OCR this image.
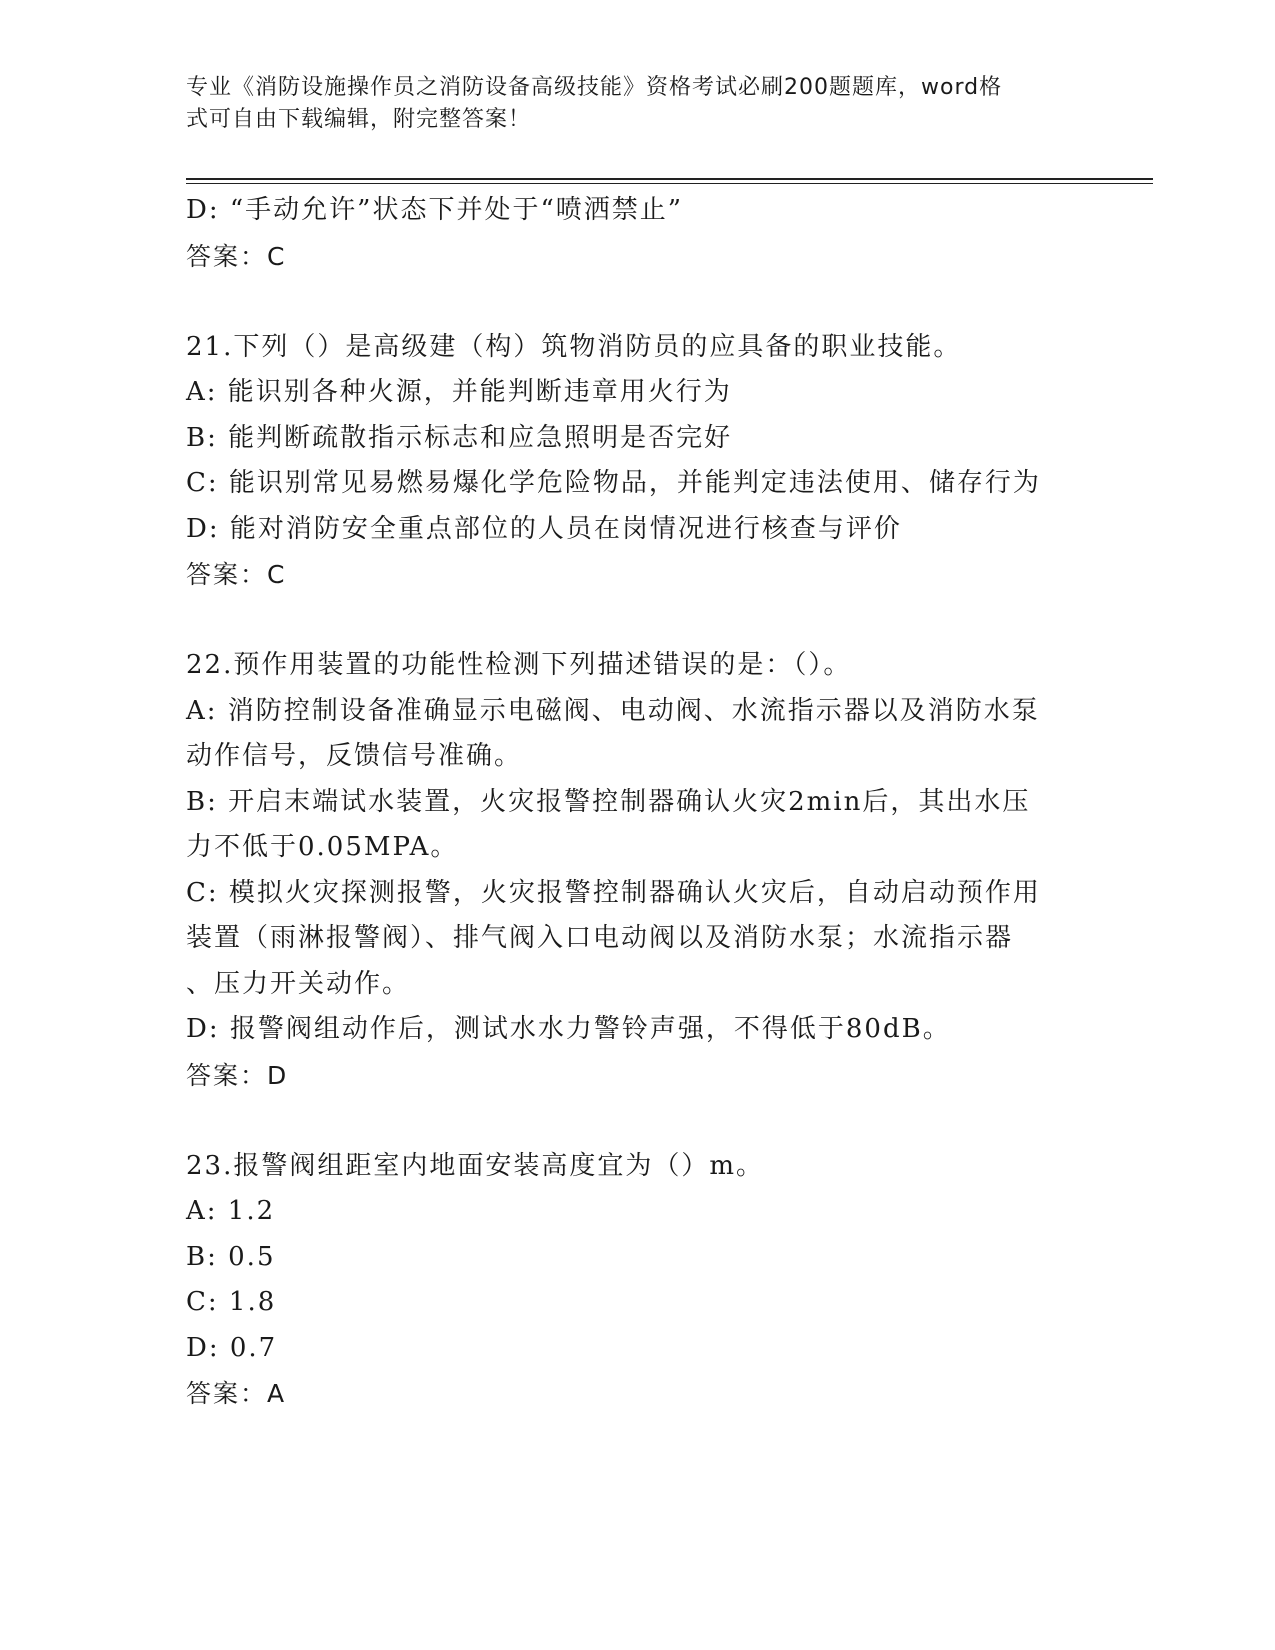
专业《消防设施操作员之消防设备高级技能》资格考试必刷200题题库，word格
式可自由下载编辑，附完整答案！
D: “手动允许”状态下并处于“喷洒禁止”
答案：C
21.下列（）是高级建（构）筑物消防员的应具备的职业技能。
A: 能识别各种火源，并能判断违章用火行为
B: 能判断疏散指示标志和应急照明是否完好
C: 能识别常见易燃易爆化学危险物品，并能判定违法使用、储存行为
D: 能对消防安全重点部位的人员在岗情况进行核查与评价
答案：C
22.预作用装置的功能性检测下列描述错误的是：（）。
A: 消防控制设备准确显示电磁阀、电动阀、水流指示器以及消防水泵
动作信号，反馈信号准确。
B: 开启末端试水装置，火灾报警控制器确认火灾2min后，其出水压
力不低于0.05MPA。
C: 模拟火灾探测报警，火灾报警控制器确认火灾后，自动启动预作用
装置（雨淋报警阀）、排气阀入口电动阀以及消防水泵；水流指示器
、压力开关动作。
D: 报警阀组动作后，测试水水力警铃声强，不得低于80dB。
答案：D
23.报警阀组距室内地面安装高度宜为（）m。
A: 1.2
B: 0.5
C: 1.8
D: 0.7
答案：A
